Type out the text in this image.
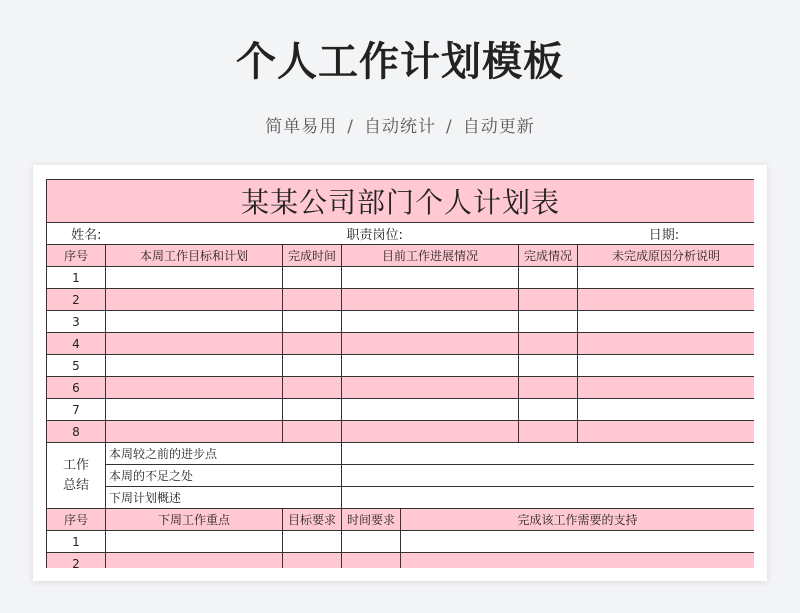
个人工作计划模板
简单易用 / 自动统计 / 自动更新
某某公司部门个人计划表
姓名:		职责岗位:	日期:
序号	本周工作目标和计划	完成时间	目前工作进展情况	完成情况	未完成原因分析说明
1					
2					
3					
4					
5					
6					
7					
8					

工作
总结	本周较之前的进步点	
本周的不足之处	
下周计划概述	
序号	下周工作重点	目标要求	时间要求	完成该工作需要的支持
1				
2				
